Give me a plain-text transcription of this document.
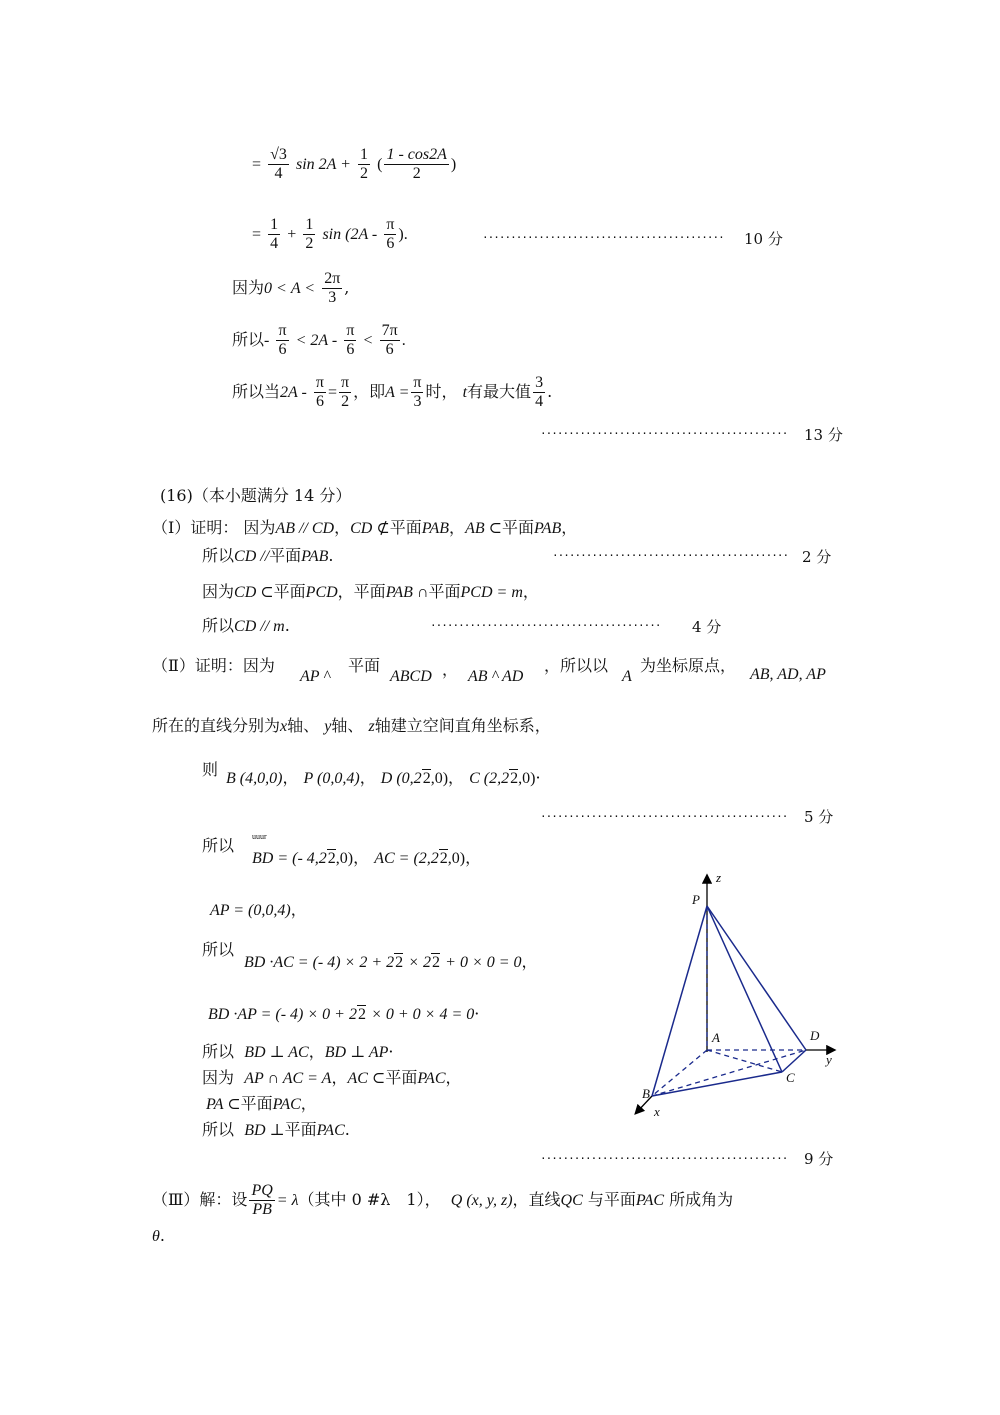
= $\frac{√3}{4}$ $\sin 2A + \frac{1}{2}$ ( $\frac{1 - \cos 2A}{2}$ )
= $\frac{1}{4} + \frac{1}{2}$ $\sin (2A - \frac{\pi}{6}$ ).	··········································· 10 分
因为$0 < A < \frac{2\pi}{3}$ ,
所以- $\frac{\pi}{6} < 2A - \frac{\pi}{6} < \frac{7\pi}{6}$ .
所以当$2A - \frac{\pi}{6} = \frac{\pi}{2}$ ，即$A = \frac{\pi}{3}$ 时， t有最大值 $\frac{3}{4}$ .
············································ 13 分
(16)（本小题满分 14 分）
（Ⅰ）证明： 因为AB // CD，CD ⊄平面PAB，AB ⊂平面PAB，
所以CD //平面PAB.	·········································· 2 分
因为CD ⊂平面PCD，平面PAB ∩平面PCD = m，
所以CD // m.	········································· 4 分
（Ⅱ）证明：因为
AP ^
平面
ABCD ， AB ^ AD
，所以以
A
为坐标原点， AB, AD, AP
所在的直线分别为x轴、 y轴、 z轴建立空间直角坐标系，
则 B (4,0,0)， P (0,0,4)， D (0,22,0)， C (2,22,0)·
············································ 5 分
所以 uuur
BD = (- 4,22,0)， AC = (2,22,0)，
AP = (0,0,4)，
所以
BD ·AC = (- 4) × 2 + 22 × 22 + 0 × 0 = 0，
BD ·AP = (- 4) × 0 + 22 × 0 + 0 × 4 = 0·
所以 BD ⊥ AC，BD ⊥ AP·
因为 AP ∩ AC = A，AC ⊂平面PAC，
PA ⊂平面PAC，
所以 BD ⊥平面PAC.
············································ 9 分
（Ⅲ）解：设 $\frac{PQ}{PB} = \lambda$（其中 0 #λ　1）， Q (x, y, z)，直线QC 与平面PAC 所成角为
θ.
z
P
A	D
y
B
C
x
